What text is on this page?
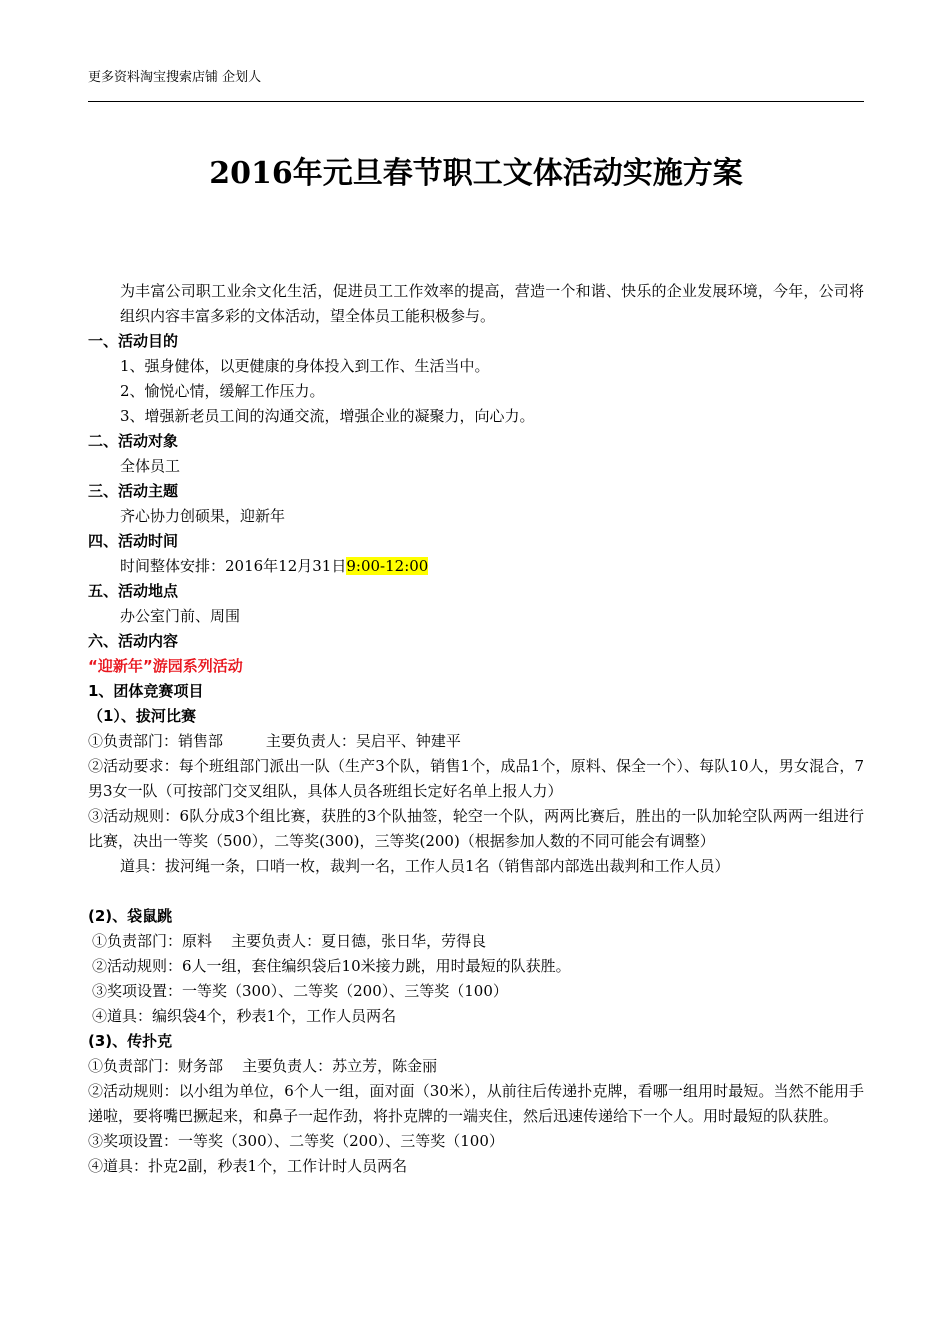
更多资料淘宝搜索店铺 企划人
2016年元旦春节职工文体活动实施方案

为丰富公司职工业余文化生活，促进员工工作效率的提高，营造一个和谐、快乐的企业发展环境，今年，公司将组织内容丰富多彩的文体活动，望全体员工能积极参与。

一、活动目的

1、强身健体，以更健康的身体投入到工作、生活当中。

2、愉悦心情，缓解工作压力。

3、增强新老员工间的沟通交流，增强企业的凝聚力，向心力。

二、活动对象

全体员工

三、活动主题

齐心协力创硕果，迎新年

四、活动时间

时间整体安排：2016年12月31日9:00-12:00

五、活动地点

办公室门前、周围

六、活动内容

“迎新年”游园系列活动

1、团体竞赛项目

（1）、拔河比赛

①负责部门：销售部         主要负责人：吴启平、钟建平

②活动要求：每个班组部门派出一队（生产3个队，销售1个，成品1个，原料、保全一个）、每队10人，男女混合，7男3女一队（可按部门交叉组队，具体人员各班组长定好名单上报人力）

③活动规则：6队分成3个组比赛，获胜的3个队抽签，轮空一个队，两两比赛后，胜出的一队加轮空队两两一组进行比赛，决出一等奖（500），二等奖(300)，三等奖(200)（根据参加人数的不同可能会有调整）

道具：拔河绳一条，口哨一枚，裁判一名，工作人员1名（销售部内部选出裁判和工作人员）

(2)、袋鼠跳

①负责部门：原料    主要负责人：夏日德，张日华，劳得良

②活动规则：6人一组，套住编织袋后10米接力跳，用时最短的队获胜。

③奖项设置：一等奖（300）、二等奖（200）、三等奖（100）

④道具：编织袋4个，秒表1个，工作人员两名

(3)、传扑克

①负责部门：财务部    主要负责人：苏立芳，陈金丽

②活动规则：以小组为单位，6个人一组，面对面（30米），从前往后传递扑克牌，看哪一组用时最短。当然不能用手递啦，要将嘴巴撅起来，和鼻子一起作劲，将扑克牌的一端夹住，然后迅速传递给下一个人。用时最短的队获胜。

③奖项设置：一等奖（300）、二等奖（200）、三等奖（100）

④道具：扑克2副，秒表1个，工作计时人员两名
